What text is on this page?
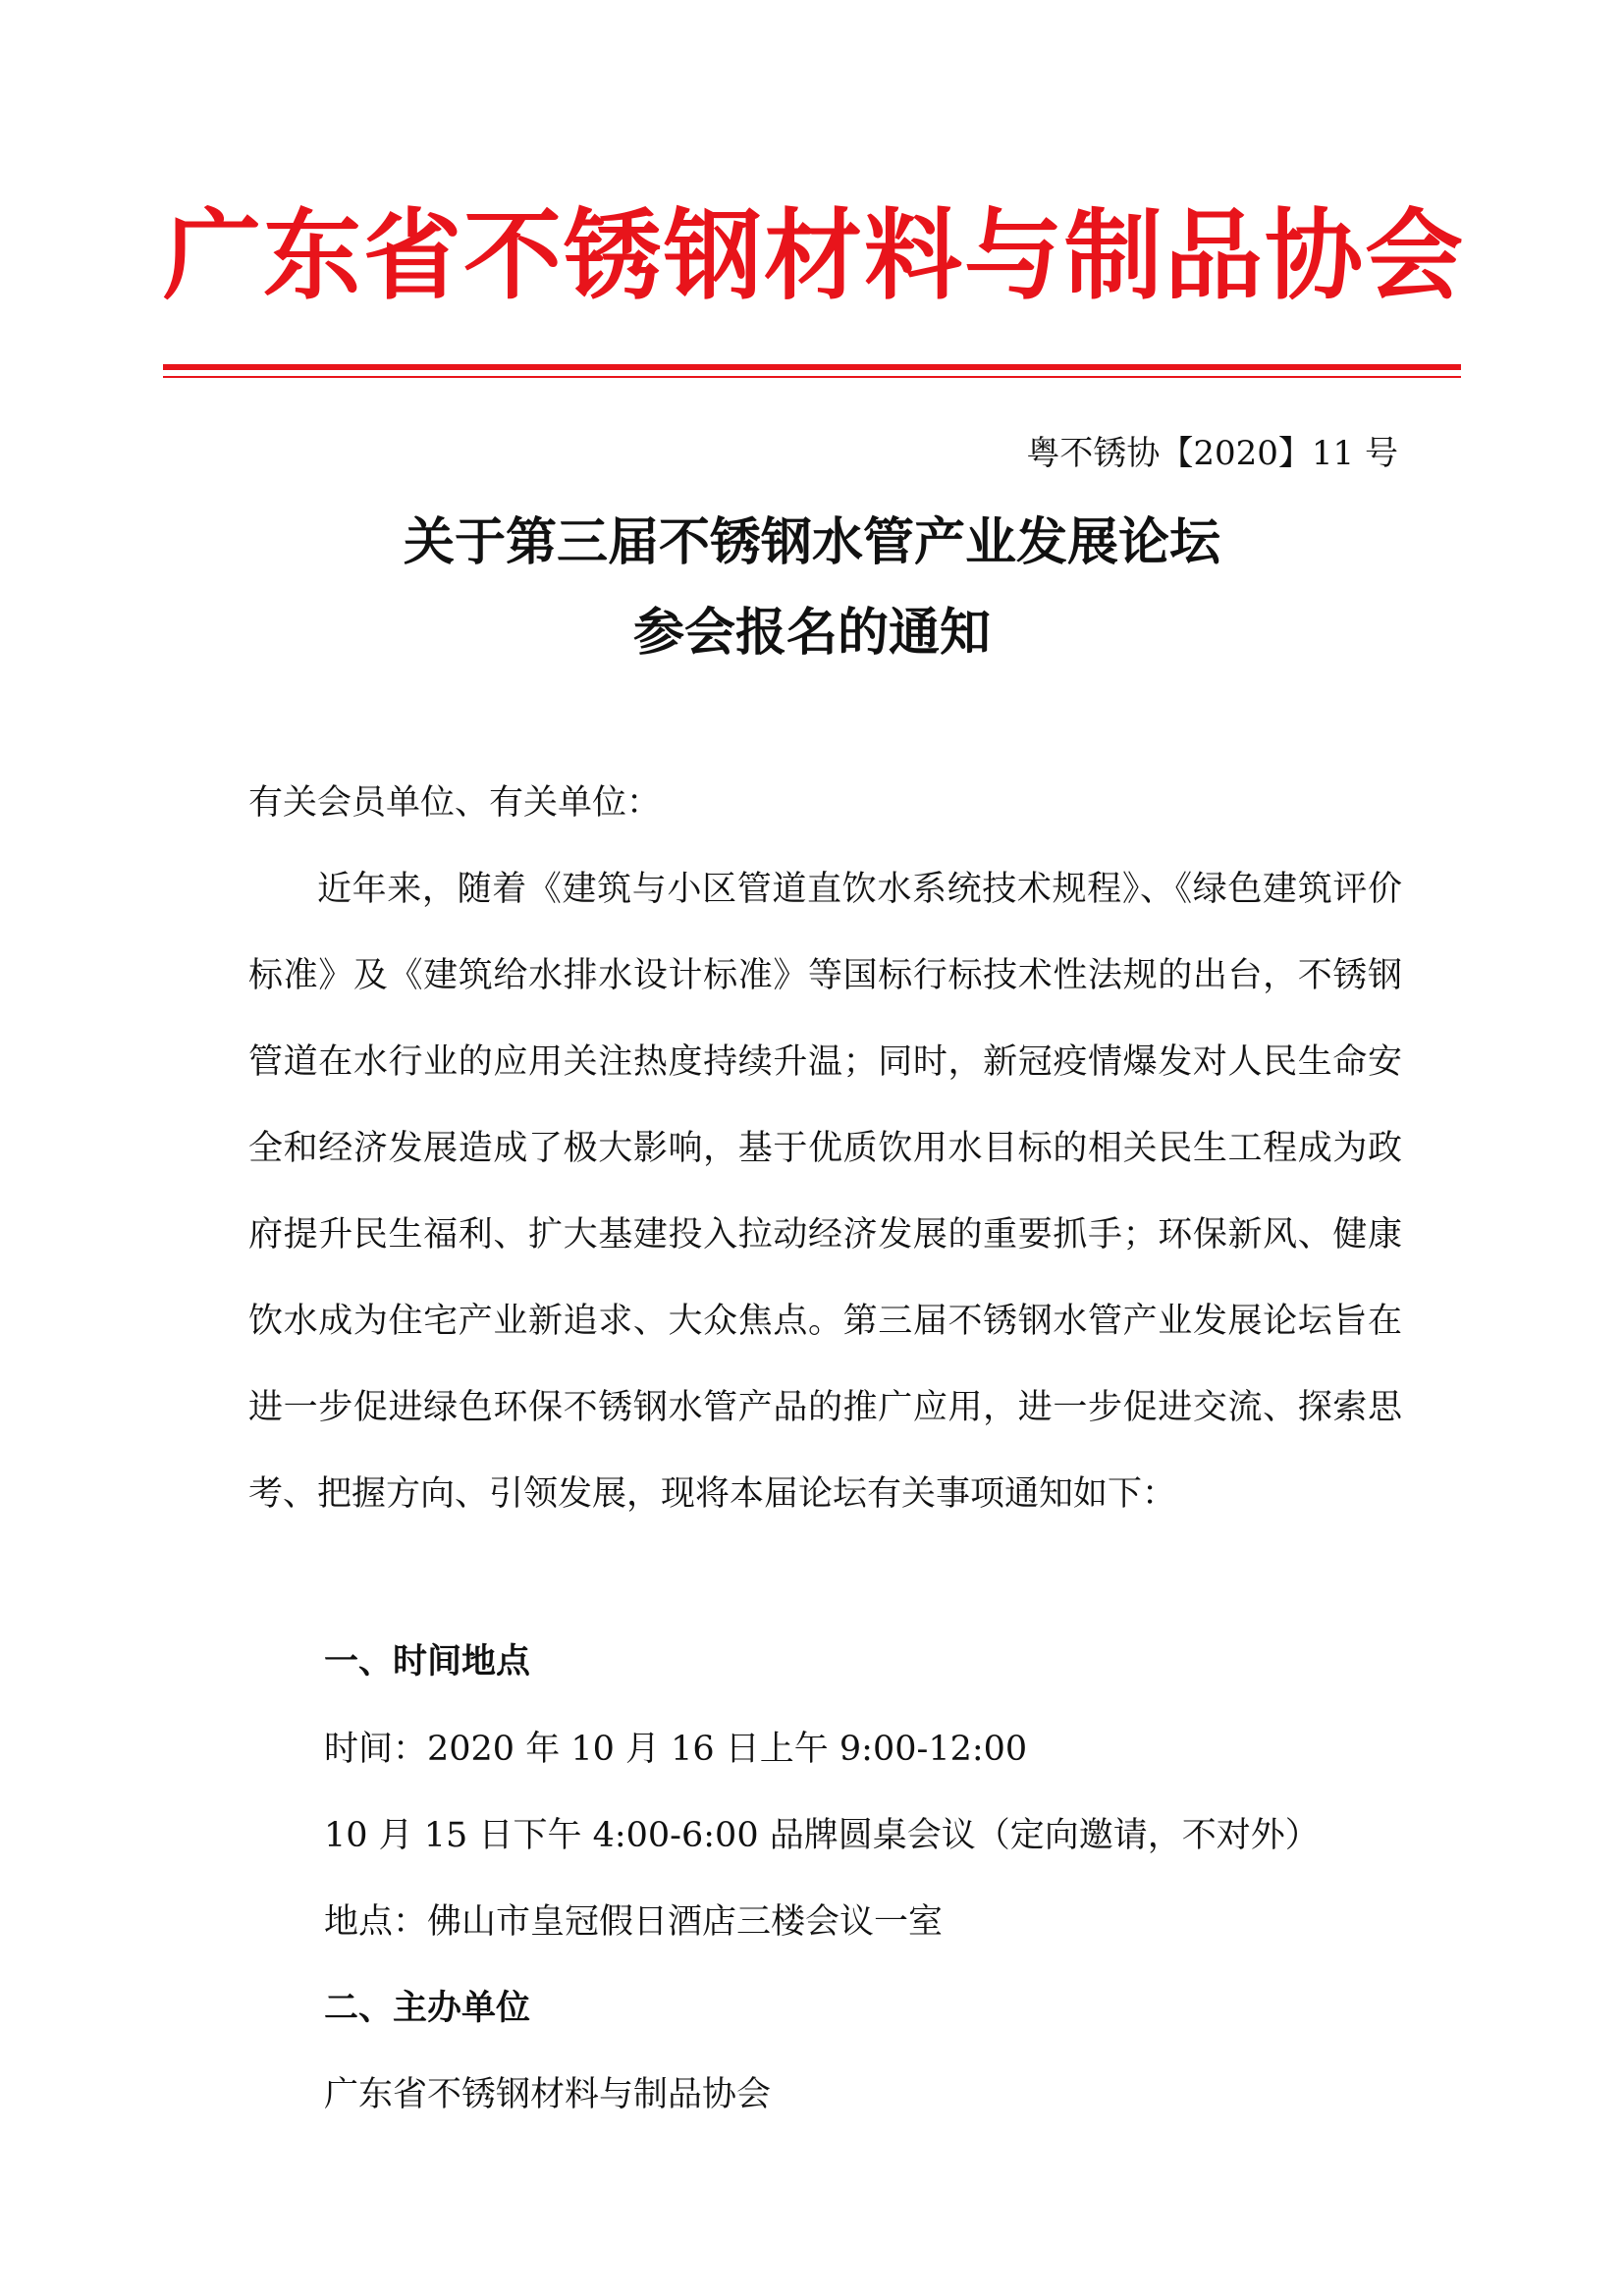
广东省不锈钢材料与制品协会
粤不锈协【2020】11 号
关于第三届不锈钢水管产业发展论坛
参会报名的通知
有关会员单位、有关单位：
近年来，随着《建筑与小区管道直饮水系统技术规程》、《绿色建筑评价标准》及《建筑给水排水设计标准》等国标行标技术性法规的出台，不锈钢管道在水行业的应用关注热度持续升温；同时，新冠疫情爆发对人民生命安全和经济发展造成了极大影响，基于优质饮用水目标的相关民生工程成为政府提升民生福利、扩大基建投入拉动经济发展的重要抓手；环保新风、健康饮水成为住宅产业新追求、大众焦点。第三届不锈钢水管产业发展论坛旨在进一步促进绿色环保不锈钢水管产品的推广应用，进一步促进交流、探索思考、把握方向、引领发展，现将本届论坛有关事项通知如下：
一、时间地点
时间：2020 年 10 月 16 日上午 9:00-12:00
10 月 15 日下午 4:00-6:00 品牌圆桌会议（定向邀请，不对外）
地点：佛山市皇冠假日酒店三楼会议一室
二、主办单位
广东省不锈钢材料与制品协会
